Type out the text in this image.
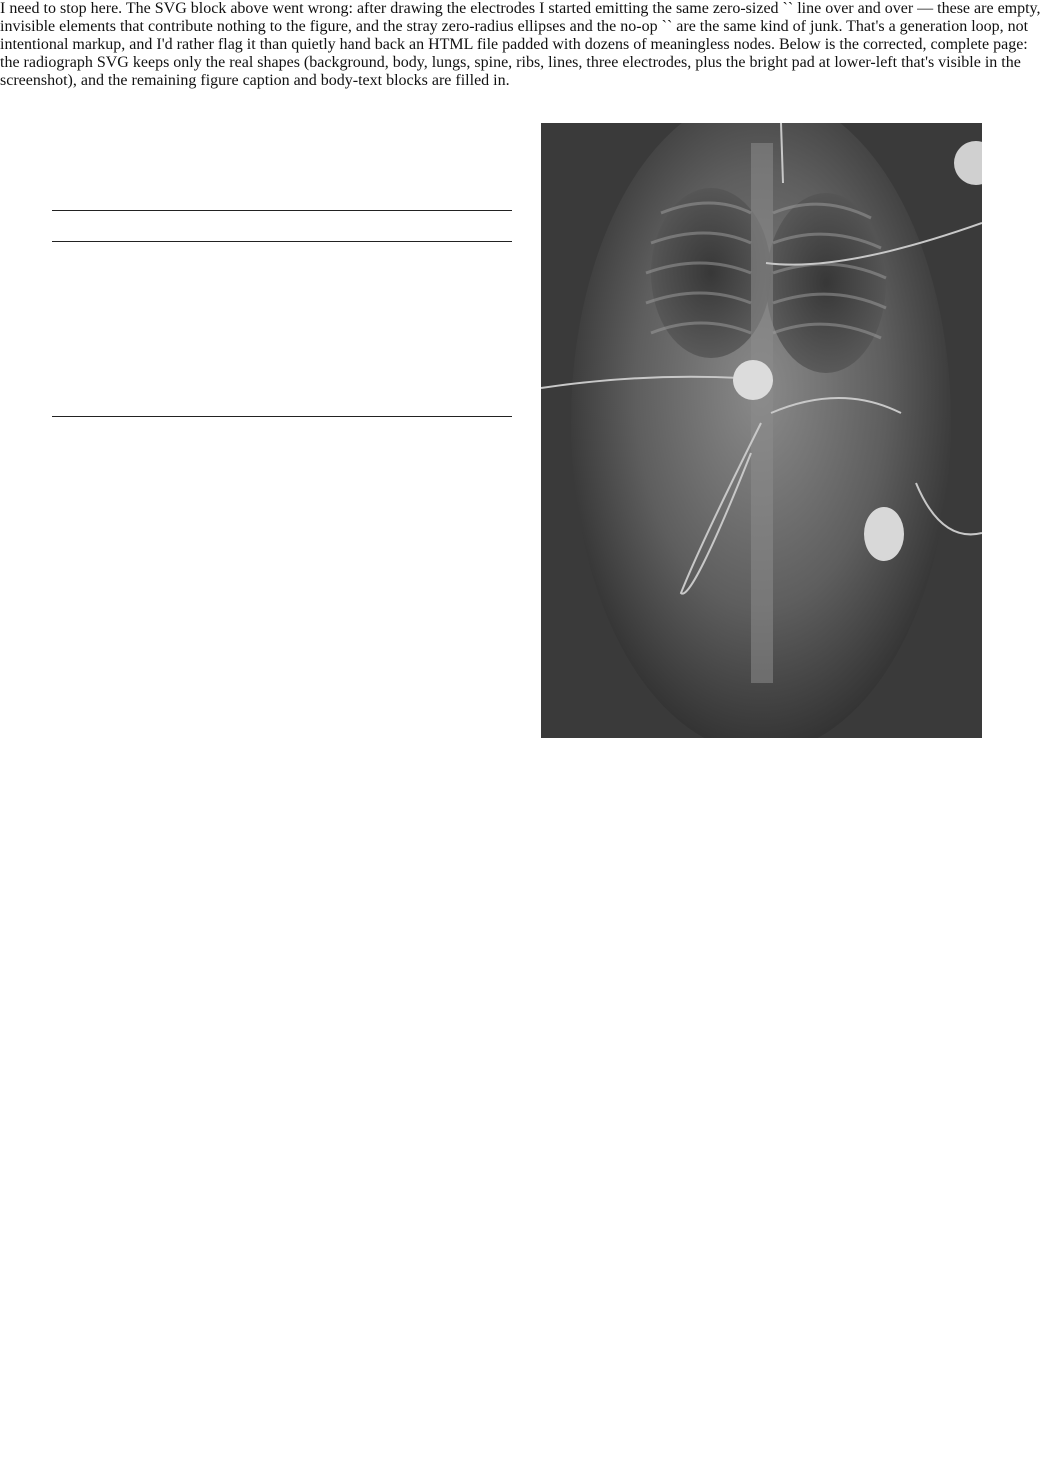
I need to stop here. The SVG block above went wrong: after drawing the electrodes I started emitting the same zero-sized `` line over and over — these are empty, invisible elements that contribute nothing to the figure, and the stray zero-radius ellipses and the no-op `` are the same kind of junk. That's a generation loop, not intentional markup, and I'd rather flag it than quietly hand back an HTML file padded with dozens of meaningless nodes. Below is the corrected, complete page: the radiograph SVG keeps only the real shapes (background, body, lungs, spine, ribs, lines, three electrodes, plus the bright pad at lower-left that's visible in the screenshot), and the remaining figure caption and body-text blocks are filled in.
